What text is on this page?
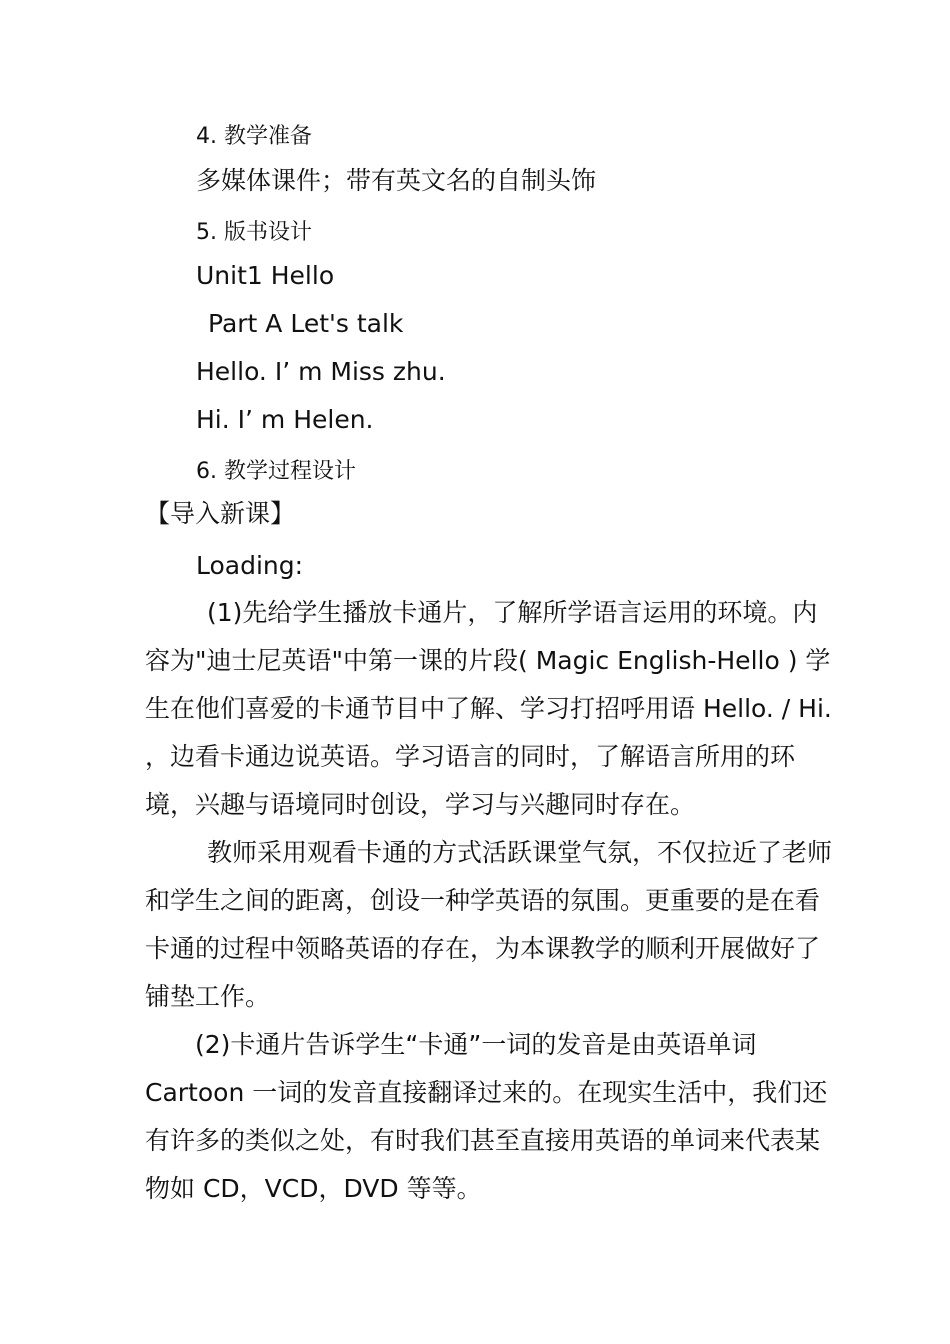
4. 教学准备
多媒体课件；带有英文名的自制头饰
5. 版书设计
Unit1 Hello
Part A Let's talk
Hello. I’ m Miss zhu.
Hi. I’ m Helen.
6. 教学过程设计
【导入新课】
Loading:
(1)先给学生播放卡通片，了解所学语言运用的环境。内容为"迪士尼英语"中第一课的片段( Magic English-Hello ) 学生在他们喜爱的卡通节目中了解、学习打招呼用语 Hello. / Hi. ，边看卡通边说英语。学习语言的同时，了解语言所用的环境，兴趣与语境同时创设，学习与兴趣同时存在。
教师采用观看卡通的方式活跃课堂气氛，不仅拉近了老师和学生之间的距离，创设一种学英语的氛围。更重要的是在看卡通的过程中领略英语的存在，为本课教学的顺利开展做好了铺垫工作。
(2)卡通片告诉学生“卡通”一词的发音是由英语单词Cartoon 一词的发音直接翻译过来的。在现实生活中，我们还有许多的类似之处，有时我们甚至直接用英语的单词来代表某物如 CD，VCD，DVD 等等。
